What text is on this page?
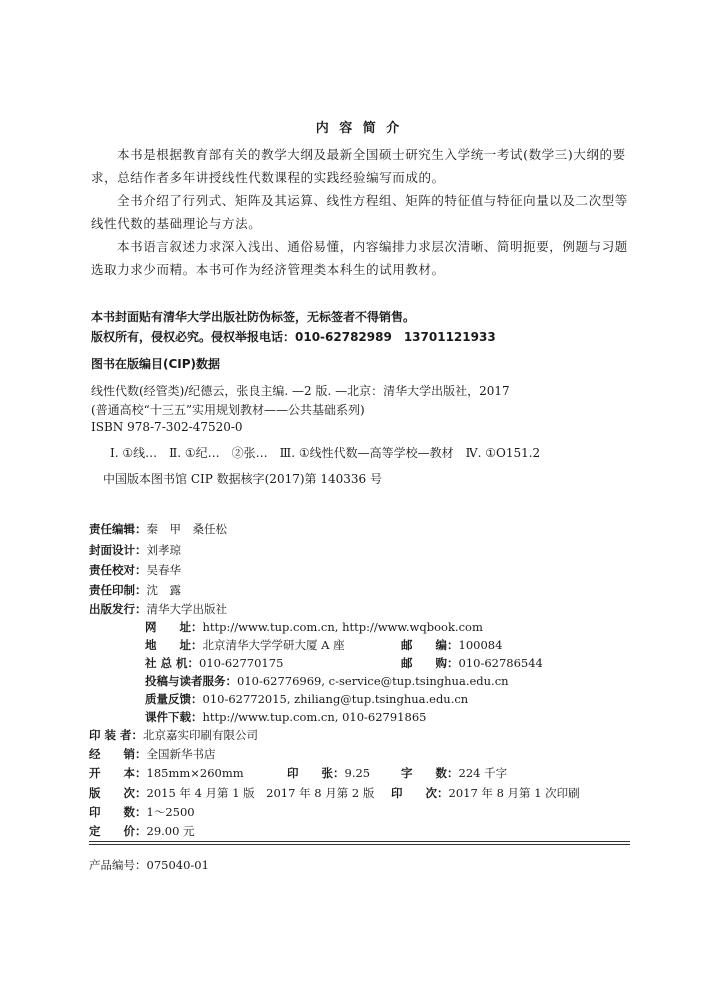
内 容 简 介
本书是根据教育部有关的教学大纲及最新全国硕士研究生入学统一考试(数学三)大纲的要求，总结作者多年讲授线性代数课程的实践经验编写而成的。
全书介绍了行列式、矩阵及其运算、线性方程组、矩阵的特征值与特征向量以及二次型等线性代数的基础理论与方法。
本书语言叙述力求深入浅出、通俗易懂，内容编排力求层次清晰、简明扼要，例题与习题选取力求少而精。本书可作为经济管理类本科生的试用教材。
本书封面贴有清华大学出版社防伪标签，无标签者不得销售。
版权所有，侵权必究。侵权举报电话：010-62782989　13701121933
图书在版编目(CIP)数据
线性代数(经管类)/纪德云，张良主编. —2 版. —北京：清华大学出版社，2017
(普通高校“十三五”实用规划教材——公共基础系列)
ISBN 978-7-302-47520-0
Ⅰ. ①线…　Ⅱ. ①纪…　②张…　Ⅲ. ①线性代数—高等学校—教材　Ⅳ. ①O151.2
中国版本图书馆 CIP 数据核字(2017)第 140336 号
责任编辑：秦　甲　桑任松
封面设计：刘孝琼
责任校对：吴春华
责任印制：沈　露
出版发行：清华大学出版社
网　　址：http://www.tup.com.cn, http://www.wqbook.com
地　　址：北京清华大学学研大厦 A 座	邮　　编：100084
社 总 机：010-62770175	邮　　购：010-62786544
投稿与读者服务：010-62776969, c-service@tup.tsinghua.edu.cn
质量反馈：010-62772015, zhiliang@tup.tsinghua.edu.cn
课件下载：http://www.tup.com.cn, 010-62791865
印 装 者：北京嘉实印刷有限公司
经　　销：全国新华书店
开　　本：185mm×260mm	印　　张：9.25	字　　数：224 千字
版　　次：2015 年 4 月第 1 版　2017 年 8 月第 2 版 印　　次：2017 年 8 月第 1 次印刷
印　　数：1～2500
定　　价：29.00 元
产品编号：075040-01
